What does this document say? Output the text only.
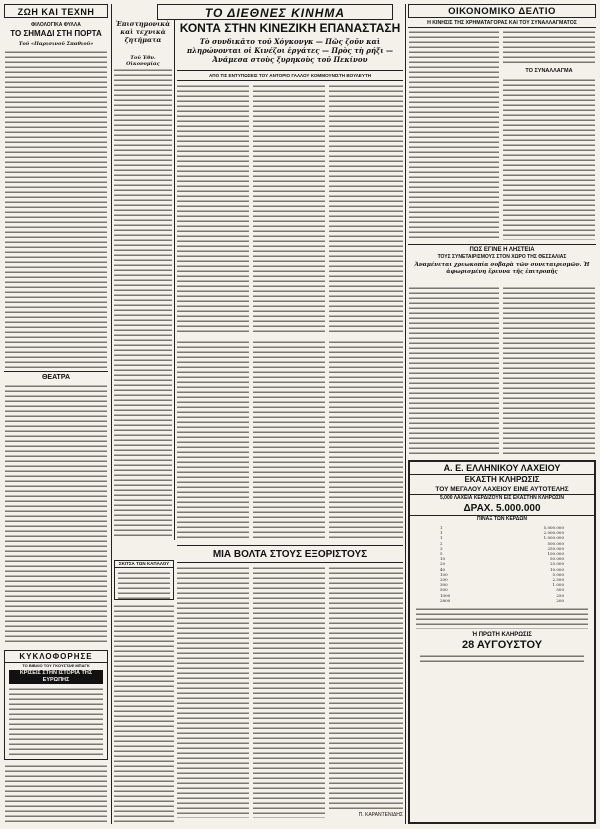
ΖΩΗ ΚΑΙ ΤΕΧΝΗ
ΦΙΛΟΛΟΓΙΚΑ ΦΥΛΛΑ
ΤΟ ΣΗΜΑΔΙ ΣΤΗ ΠΟΡΤΑ
Τοῦ «Παρισινοῦ Σπαθιοῦ»
ΘΕΑΤΡΑ
ΚΥΚΛΟΦΟΡΗΣΕ
ΤΟ ΒΙΒΛΙΟ ΤΟΥ ΓΚΟΥΣΤΑΦ ΜΠΑΓΚ
ΚΡΙΣΕΙΣ ΣΤΗΝ ΙΣΤΟΡΙΑ ΤΗΣ ΕΥΡΩΠΗΣ
ΤΟ ΔΙΕΘΝΕΣ ΚΙΝΗΜΑ
Ἐπιστημονικὰ καὶ τεχνικὰ ζητήματα
Τοῦ Ἐθν. Οἰκονομίας
ΚΟΝΤΑ ΣΤΗΝ ΚΙΝΕΖΙΚΗ ΕΠΑΝΑΣΤΑΣΗ
Τὸ συνδικᾶτο τοῦ Χόγκονγκ — Πῶς ζοῦν καὶ πληρώνονται οἱ Κινέζοι ἐργάτες — Πρὸς τὴ ρήξι — Ἀνάμεσα στοὺς ξυρηκοὺς τοῦ Πεκίνου
ΑΠΟ ΤΙΣ ΕΝΤΥΠΩΣΕΙΣ ΤΟΥ ΑΝΤΟΡΙΟ ΓΑΛΛΟΥ ΚΟΜΜΟΥΝΙΣΤΗ ΒΟΥΛΕΥΤΗ
ΣΚΙΤΣΑ ΤΩΝ ΚΑΠΑΛΟΥ
ΜΙΑ ΒΟΛΤΑ ΣΤΟΥΣ ΕΞΟΡΙΣΤΟΥΣ
Π. ΚΑΡΑΝΤΕΝΙΔΗΣ
ΟΙΚΟΝΟΜΙΚΟ ΔΕΛΤΙΟ
Η ΚΙΝΗΣΙΣ ΤΗΣ ΧΡΗΜΑΤΑΓΟΡΑΣ ΚΑΙ ΤΟΥ ΣΥΝΑΛΛΑΓΜΑΤΟΣ
ΤΟ ΣΥΝΑΛΛΑΓΜΑ
ΠΩΣ ΕΓΙΝΕ Η ΛΗΣΤΕΙΑ
ΤΟΥΣ ΣΥΝΕΤΑΙΡΙΣΜΟΥΣ ΣΤΟΝ ΧΩΡΟ ΤΗΣ ΘΕΣΣΑΛΙΑΣ
Ἀναμένεται χρεωκοπία σοβαρὰ τῶν συνεταιρισμῶν. Ἡ ἀφωρισμένη ἔρευνα τῆς ἐπιτροπῆς
Α. Ε. ΕΛΛΗΝΙΚΟΥ ΛΑΧΕΙΟΥ
ΕΚΑΣΤΗ ΚΛΗΡΩΣΙΣ
ΤΟΥ ΜΕΓΑΛΟΥ ΛΑΧΕΙΟΥ ΕΙΝΕ ΑΥΤΟΤΕΛΗΣ
5,000 ΛΑΧΕΙΑ ΚΕΡΔΙΖΟΥΝ ΕΙΣ ΕΚΑΣΤΗΝ ΚΛΗΡΩΣΙΝ
ΔΡΑΧ. 5.000.000
ΠΙΝΑΞ ΤΩΝ ΚΕΡΔΩΝ
1	5.000.000
1	2.000.000
1	1.000.000
2	500.000
3	250.000
5	100.000
10	50.000
20	25.000
40	10.000
100	5.000
200	2.500
300	1.000
500	500
1000	250
2800	200
Ἡ ΠΡΩΤΗ ΚΛΗΡΩΣΙΣ
28 ΑΥΓΟΥΣΤΟΥ
